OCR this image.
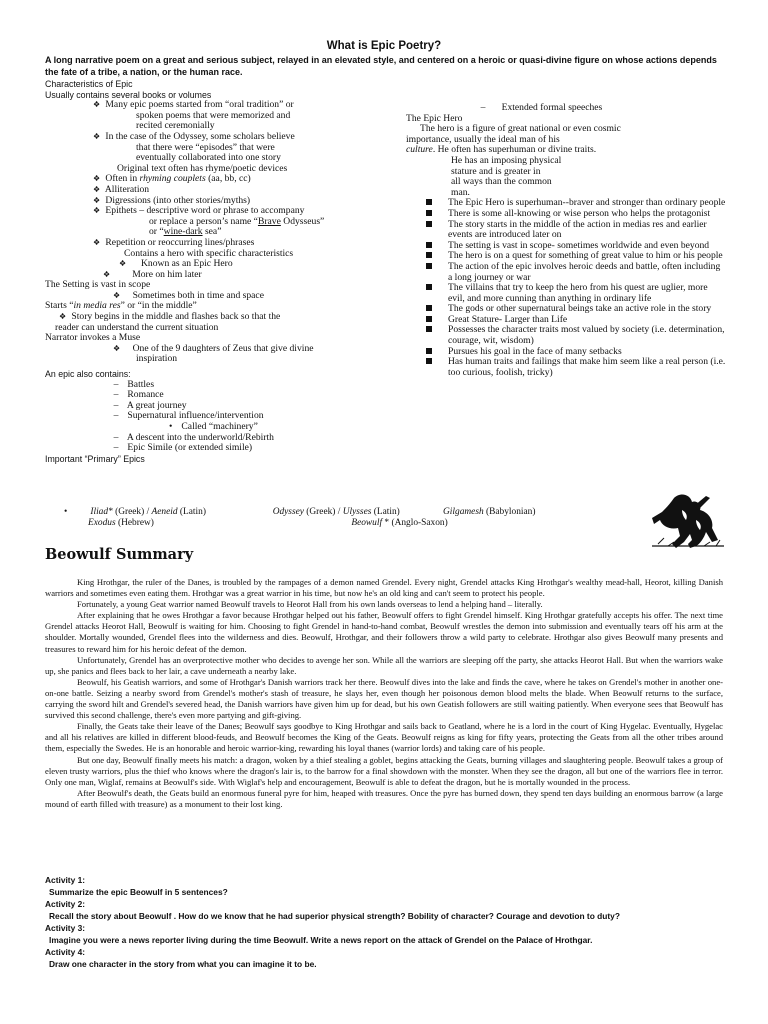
What is Epic Poetry?
A long narrative poem on a great and serious subject, relayed in an elevated style, and centered on a heroic or quasi-divine figure on whose actions depends the fate of a tribe, a nation, or the human race.
Characteristics of Epic
Usually contains several books or volumes
❖ Many epic poems started from “oral tradition” or
spoken poems that were memorized and
recited ceremonially
❖ In the case of the Odyssey, some scholars believe
that there were “episodes” that were
eventually collaborated into one story
Original text often has rhyme/poetic devices
❖ Often in rhyming couplets (aa, bb, cc)
❖ Alliteration
❖ Digressions (into other stories/myths)
❖ Epithets – descriptive word or phrase to accompany
or replace a person’s name “Brave Odysseus”
or “wine-dark sea”
❖ Repetition or reoccurring lines/phrases
Contains a hero with specific characteristics
❖ Known as an Epic Hero
❖ More on him later
The Setting is vast in scope
❖ Sometimes both in time and space
Starts “in media res” or “in the middle”
❖ Story begins in the middle and flashes back so that the
reader can understand the current situation
Narrator invokes a Muse
❖ One of the 9 daughters of Zeus that give divine
inspiration
An epic also contains:
– Battles
– Romance
– A great journey
– Supernatural influence/intervention
• Called “machinery”
– A descent into the underworld/Rebirth
– Epic Simile (or extended simile)
Important “Primary” Epics
– Extended formal speeches
The Epic Hero
The hero is a figure of great national or even cosmic
importance, usually the ideal man of his
culture. He often has superhuman or divine traits.
He has an imposing physical
stature and is greater in
all ways than the common
man.
The Epic Hero is superhuman--braver and stronger than ordinary people
There is some all-knowing or wise person who helps the protagonist
The story starts in the middle of the action in medias res and earlier events are introduced later on
The setting is vast in scope- sometimes worldwide and even beyond
The hero is on a quest for something of great value to him or his people
The action of the epic involves heroic deeds and battle, often including a long journey or war
The villains that try to keep the hero from his quest are uglier, more evil, and more cunning than anything in ordinary life
The gods or other supernatural beings take an active role in the story
Great Stature- Larger than Life
Possesses the character traits most valued by society (i.e. determination, courage, wit, wisdom)
Pursues his goal in the face of many setbacks
Has human traits and failings that make him seem like a real person (i.e. too curious, foolish, tricky)
• Iliad* (Greek) / Aeneid (Latin)	Odyssey (Greek) / Ulysses (Latin)	Gilgamesh (Babylonian)
Exodus (Hebrew)	Beowulf * (Anglo-Saxon)
Beowulf Summary

King Hrothgar, the ruler of the Danes, is troubled by the rampages of a demon named Grendel. Every night, Grendel attacks King Hrothgar's wealthy mead-hall, Heorot, killing Danish warriors and sometimes even eating them. Hrothgar was a great warrior in his time, but now he's an old king and can't seem to protect his people.

Fortunately, a young Geat warrior named Beowulf travels to Heorot Hall from his own lands overseas to lend a helping hand – literally.

After explaining that he owes Hrothgar a favor because Hrothgar helped out his father, Beowulf offers to fight Grendel himself. King Hrothgar gratefully accepts his offer. The next time Grendel attacks Heorot Hall, Beowulf is waiting for him. Choosing to fight Grendel in hand-to-hand combat, Beowulf wrestles the demon into submission and eventually tears off his arm at the shoulder. Mortally wounded, Grendel flees into the wilderness and dies. Beowulf, Hrothgar, and their followers throw a wild party to celebrate. Hrothgar also gives Beowulf many presents and treasures to reward him for his heroic defeat of the demon.

Unfortunately, Grendel has an overprotective mother who decides to avenge her son. While all the warriors are sleeping off the party, she attacks Heorot Hall. But when the warriors wake up, she panics and flees back to her lair, a cave underneath a nearby lake.

Beowulf, his Geatish warriors, and some of Hrothgar's Danish warriors track her there. Beowulf dives into the lake and finds the cave, where he takes on Grendel's mother in another one-on-one battle. Seizing a nearby sword from Grendel's mother's stash of treasure, he slays her, even though her poisonous demon blood melts the blade. When Beowulf returns to the surface, carrying the sword hilt and Grendel's severed head, the Danish warriors have given him up for dead, but his own Geatish followers are still waiting patiently. When everyone sees that Beowulf has survived this second challenge, there's even more partying and gift-giving.

Finally, the Geats take their leave of the Danes; Beowulf says goodbye to King Hrothgar and sails back to Geatland, where he is a lord in the court of King Hygelac. Eventually, Hygelac and all his relatives are killed in different blood-feuds, and Beowulf becomes the King of the Geats. Beowulf reigns as king for fifty years, protecting the Geats from all the other tribes around them, especially the Swedes. He is an honorable and heroic warrior-king, rewarding his loyal thanes (warrior lords) and taking care of his people.

But one day, Beowulf finally meets his match: a dragon, woken by a thief stealing a goblet, begins attacking the Geats, burning villages and slaughtering people. Beowulf takes a group of eleven trusty warriors, plus the thief who knows where the dragon's lair is, to the barrow for a final showdown with the monster. When they see the dragon, all but one of the warriors flee in terror. Only one man, Wiglaf, remains at Beowulf's side. With Wiglaf's help and encouragement, Beowulf is able to defeat the dragon, but he is mortally wounded in the process.

After Beowulf's death, the Geats build an enormous funeral pyre for him, heaped with treasures. Once the pyre has burned down, they spend ten days building an enormous barrow (a large mound of earth filled with treasure) as a monument to their lost king.

Activity 1:
Summarize the epic Beowulf in 5 sentences?
Activity 2:
Recall the story about Beowulf . How do we know that he had superior physical strength? Bobility of character? Courage and devotion to duty?
Activity 3:
Imagine you were a news reporter living during the time Beowulf. Write a news report on the attack of Grendel on the Palace of Hrothgar.
Activity 4:
Draw one character in the story from what you can imagine it to be.
